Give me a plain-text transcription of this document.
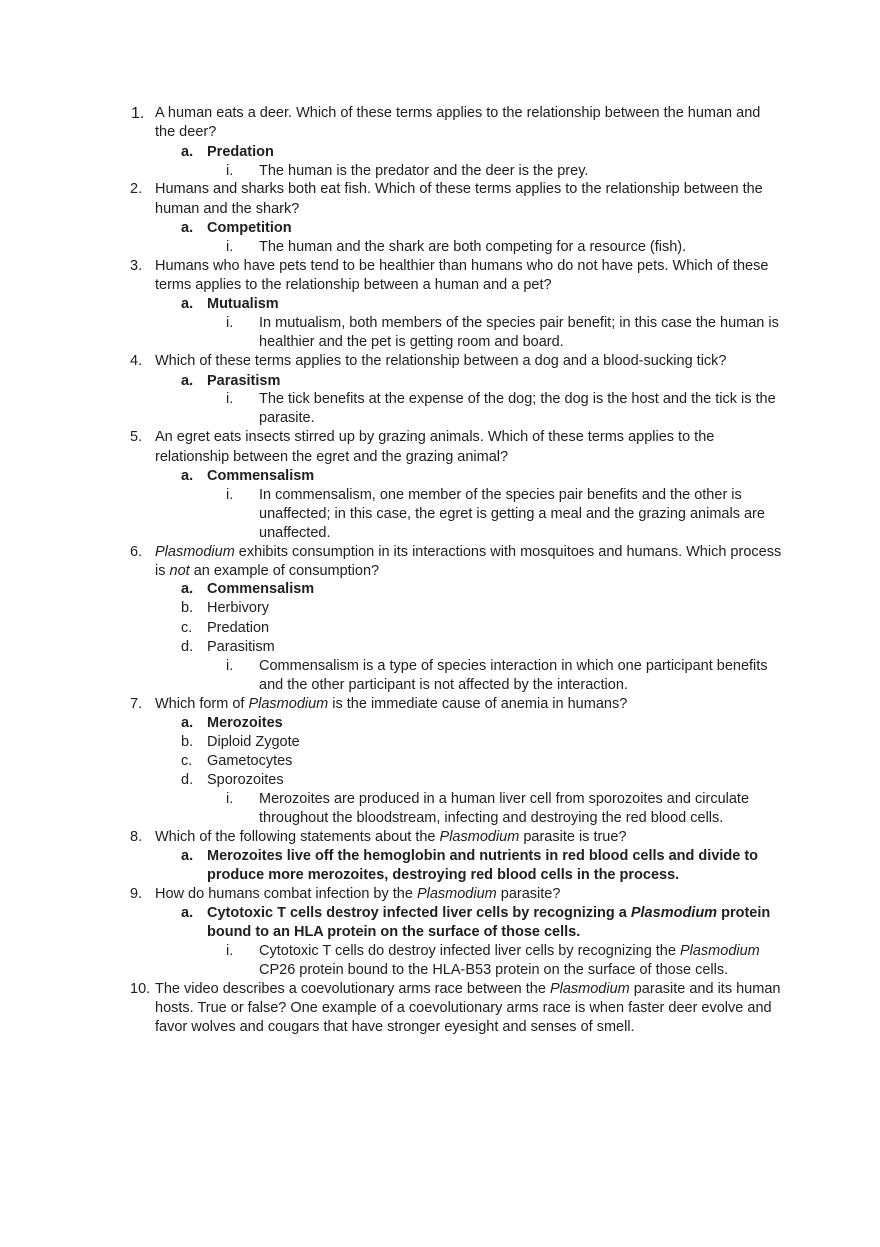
1. A human eats a deer. Which of these terms applies to the relationship between the human and
the deer?
a. Predation
i. The human is the predator and the deer is the prey.
2. Humans and sharks both eat fish. Which of these terms applies to the relationship between the
human and the shark?
a. Competition
i. The human and the shark are both competing for a resource (fish).
3. Humans who have pets tend to be healthier than humans who do not have pets. Which of these
terms applies to the relationship between a human and a pet?
a. Mutualism
i. In mutualism, both members of the species pair benefit; in this case the human is
healthier and the pet is getting room and board.
4. Which of these terms applies to the relationship between a dog and a blood-sucking tick?
a. Parasitism
i. The tick benefits at the expense of the dog; the dog is the host and the tick is the
parasite.
5. An egret eats insects stirred up by grazing animals. Which of these terms applies to the
relationship between the egret and the grazing animal?
a. Commensalism
i. In commensalism, one member of the species pair benefits and the other is
unaffected; in this case, the egret is getting a meal and the grazing animals are
unaffected.
6. Plasmodium exhibits consumption in its interactions with mosquitoes and humans. Which process
is not an example of consumption?
a. Commensalism
b. Herbivory
c. Predation
d. Parasitism
i. Commensalism is a type of species interaction in which one participant benefits
and the other participant is not affected by the interaction.
7. Which form of Plasmodium is the immediate cause of anemia in humans?
a. Merozoites
b. Diploid Zygote
c. Gametocytes
d. Sporozoites
i. Merozoites are produced in a human liver cell from sporozoites and circulate
throughout the bloodstream, infecting and destroying the red blood cells.
8. Which of the following statements about the Plasmodium parasite is true?
a. Merozoites live off the hemoglobin and nutrients in red blood cells and divide to
produce more merozoites, destroying red blood cells in the process.
9. How do humans combat infection by the Plasmodium parasite?
a. Cytotoxic T cells destroy infected liver cells by recognizing a Plasmodium protein
bound to an HLA protein on the surface of those cells.
i. Cytotoxic T cells do destroy infected liver cells by recognizing the Plasmodium
CP26 protein bound to the HLA-B53 protein on the surface of those cells.
10. The video describes a coevolutionary arms race between the Plasmodium parasite and its human
hosts. True or false? One example of a coevolutionary arms race is when faster deer evolve and
favor wolves and cougars that have stronger eyesight and senses of smell.
